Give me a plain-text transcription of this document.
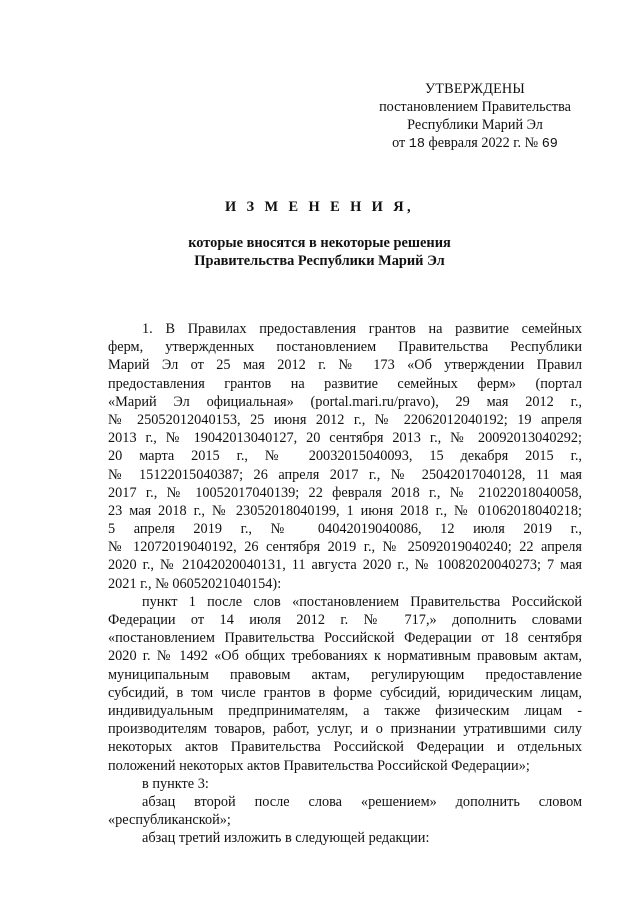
УТВЕРЖДЕНЫ
постановлением Правительства
Республики Марий Эл
от 18 февраля 2022 г. № 69
И З М Е Н Е Н И Я,
которые вносятся в некоторые решения
Правительства Республики Марий Эл
1. В Правилах предоставления грантов на развитие семейных
ферм, утвержденных постановлением Правительства Республики
Марий Эл от 25 мая 2012 г. № 173 «Об утверждении Правил
предоставления грантов на развитие семейных ферм» (портал
«Марий Эл официальная» (portal.mari.ru/pravo), 29 мая 2012 г.,
№ 25052012040153, 25 июня 2012 г., № 22062012040192; 19 апреля
2013 г., № 19042013040127, 20 сентября 2013 г., № 20092013040292;
20 марта 2015 г., № 20032015040093, 15 декабря 2015 г.,
№ 15122015040387; 26 апреля 2017 г., № 25042017040128, 11 мая
2017 г., № 10052017040139; 22 февраля 2018 г., № 21022018040058,
23 мая 2018 г., № 23052018040199, 1 июня 2018 г., № 01062018040218;
5 апреля 2019 г., № 04042019040086, 12 июля 2019 г.,
№ 12072019040192, 26 сентября 2019 г., № 25092019040240; 22 апреля
2020 г., № 21042020040131, 11 августа 2020 г., № 10082020040273; 7 мая
2021 г., № 06052021040154):
пункт 1 после слов «постановлением Правительства Российской
Федерации от 14 июля 2012 г. № 717,» дополнить словами
«постановлением Правительства Российской Федерации от 18 сентября
2020 г. № 1492 «Об общих требованиях к нормативным правовым актам,
муниципальным правовым актам, регулирующим предоставление
субсидий, в том числе грантов в форме субсидий, юридическим лицам,
индивидуальным предпринимателям, а также физическим лицам -
производителям товаров, работ, услуг, и о признании утратившими силу
некоторых актов Правительства Российской Федерации и отдельных
положений некоторых актов Правительства Российской Федерации»;
в пункте 3:
абзац второй после слова «решением» дополнить словом
«республиканской»;
абзац третий изложить в следующей редакции:
